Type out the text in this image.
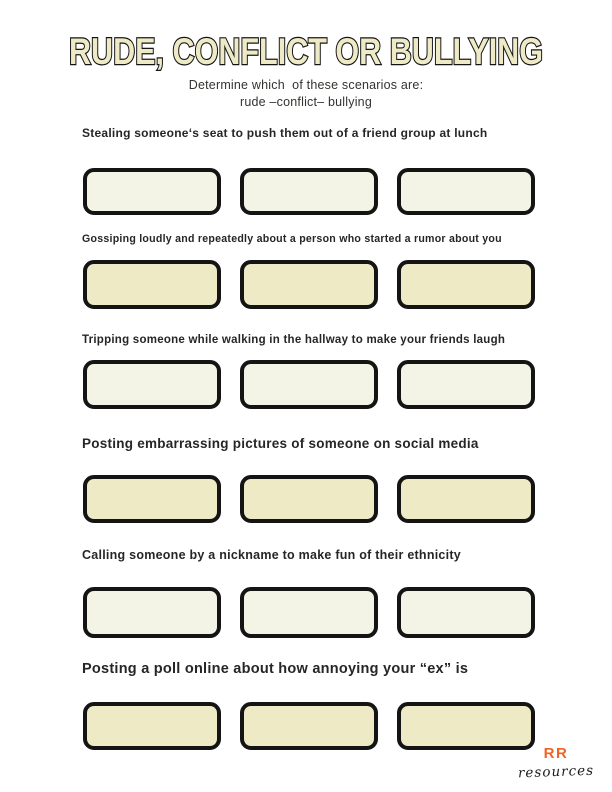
RUDE, CONFLICT OR BULLYING
Determine which  of these scenarios are:
rude –conflict– bullying
Stealing someone‘s seat to push them out of a friend group at lunch
Gossiping loudly and repeatedly about a person who started a rumor about you
Tripping someone while walking in the hallway to make your friends laugh
Posting embarrassing pictures of someone on social media
Calling someone by a nickname to make fun of their ethnicity
Posting a poll online about how annoying your “ex” is
RR
resources
